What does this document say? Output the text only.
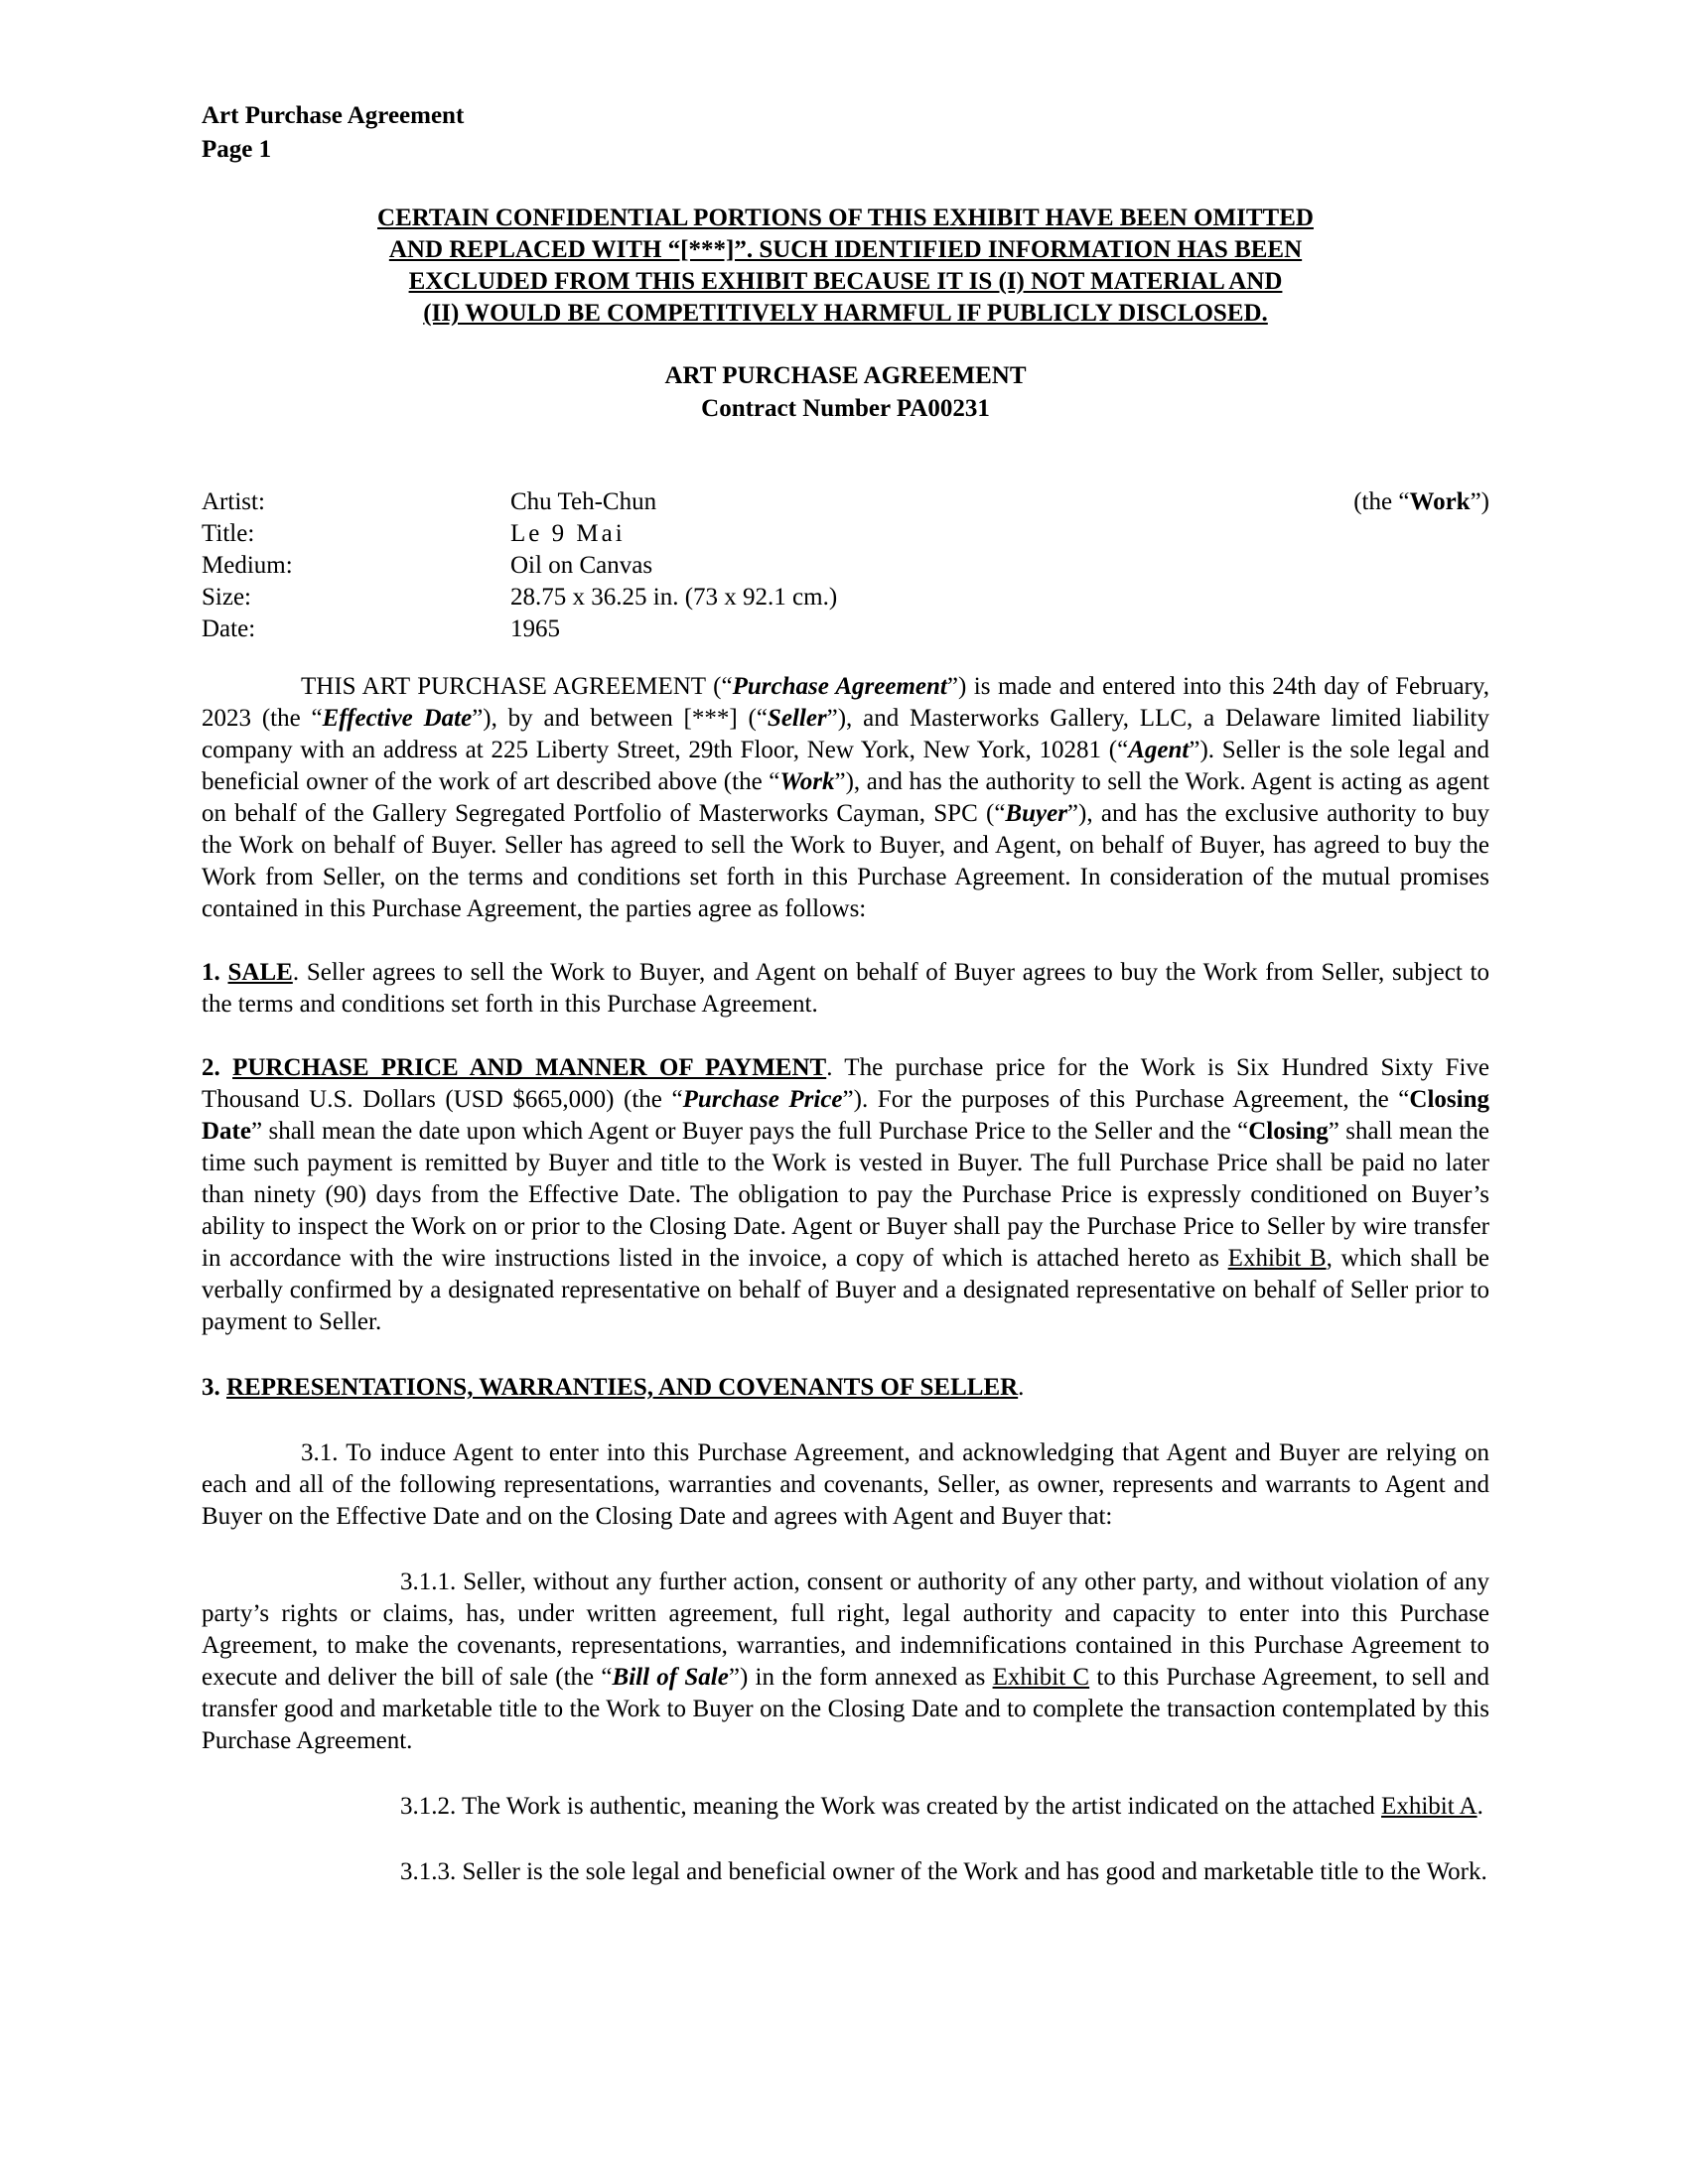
Art Purchase Agreement
Page 1
CERTAIN CONFIDENTIAL PORTIONS OF THIS EXHIBIT HAVE BEEN OMITTED
AND REPLACED WITH “[***]”. SUCH IDENTIFIED INFORMATION HAS BEEN
EXCLUDED FROM THIS EXHIBIT BECAUSE IT IS (I) NOT MATERIAL AND
(II) WOULD BE COMPETITIVELY HARMFUL IF PUBLICLY DISCLOSED.
ART PURCHASE AGREEMENT
Contract Number PA00231
(the “Work”)
Artist:	Chu Teh-Chun
Title:	Le 9 Mai
Medium:	Oil on Canvas
Size:	28.75 x 36.25 in. (73 x 92.1 cm.)
Date:	1965

THIS ART PURCHASE AGREEMENT (“Purchase Agreement”) is made and entered into this 24th day of February, 2023 (the “Effective Date”), by and between [***] (“Seller”), and Masterworks Gallery, LLC, a Delaware limited liability company with an address at 225 Liberty Street, 29th Floor, New York, New York, 10281 (“Agent”). Seller is the sole legal and beneficial owner of the work of art described above (the “Work”), and has the authority to sell the Work. Agent is acting as agent on behalf of the Gallery Segregated Portfolio of Masterworks Cayman, SPC (“Buyer”), and has the exclusive authority to buy the Work on behalf of Buyer. Seller has agreed to sell the Work to Buyer, and Agent, on behalf of Buyer, has agreed to buy the Work from Seller, on the terms and conditions set forth in this Purchase Agreement. In consideration of the mutual promises contained in this Purchase Agreement, the parties agree as follows:

1. SALE. Seller agrees to sell the Work to Buyer, and Agent on behalf of Buyer agrees to buy the Work from Seller, subject to the terms and conditions set forth in this Purchase Agreement.

2. PURCHASE PRICE AND MANNER OF PAYMENT. The purchase price for the Work is Six Hundred Sixty Five Thousand U.S. Dollars (USD $665,000) (the “Purchase Price”). For the purposes of this Purchase Agreement, the “Closing Date” shall mean the date upon which Agent or Buyer pays the full Purchase Price to the Seller and the “Closing” shall mean the time such payment is remitted by Buyer and title to the Work is vested in Buyer. The full Purchase Price shall be paid no later than ninety (90) days from the Effective Date. The obligation to pay the Purchase Price is expressly conditioned on Buyer’s ability to inspect the Work on or prior to the Closing Date. Agent or Buyer shall pay the Purchase Price to Seller by wire transfer in accordance with the wire instructions listed in the invoice, a copy of which is attached hereto as Exhibit B, which shall be verbally confirmed by a designated representative on behalf of Buyer and a designated representative on behalf of Seller prior to payment to Seller.

3. REPRESENTATIONS, WARRANTIES, AND COVENANTS OF SELLER.

3.1. To induce Agent to enter into this Purchase Agreement, and acknowledging that Agent and Buyer are relying on each and all of the following representations, warranties and covenants, Seller, as owner, represents and warrants to Agent and Buyer on the Effective Date and on the Closing Date and agrees with Agent and Buyer that:

3.1.1. Seller, without any further action, consent or authority of any other party, and without violation of any party’s rights or claims, has, under written agreement, full right, legal authority and capacity to enter into this Purchase Agreement, to make the covenants, representations, warranties, and indemnifications contained in this Purchase Agreement to execute and deliver the bill of sale (the “Bill of Sale”) in the form annexed as Exhibit C to this Purchase Agreement, to sell and transfer good and marketable title to the Work to Buyer on the Closing Date and to complete the transaction contemplated by this Purchase Agreement.

3.1.2. The Work is authentic, meaning the Work was created by the artist indicated on the attached Exhibit A.

3.1.3. Seller is the sole legal and beneficial owner of the Work and has good and marketable title to the Work.
